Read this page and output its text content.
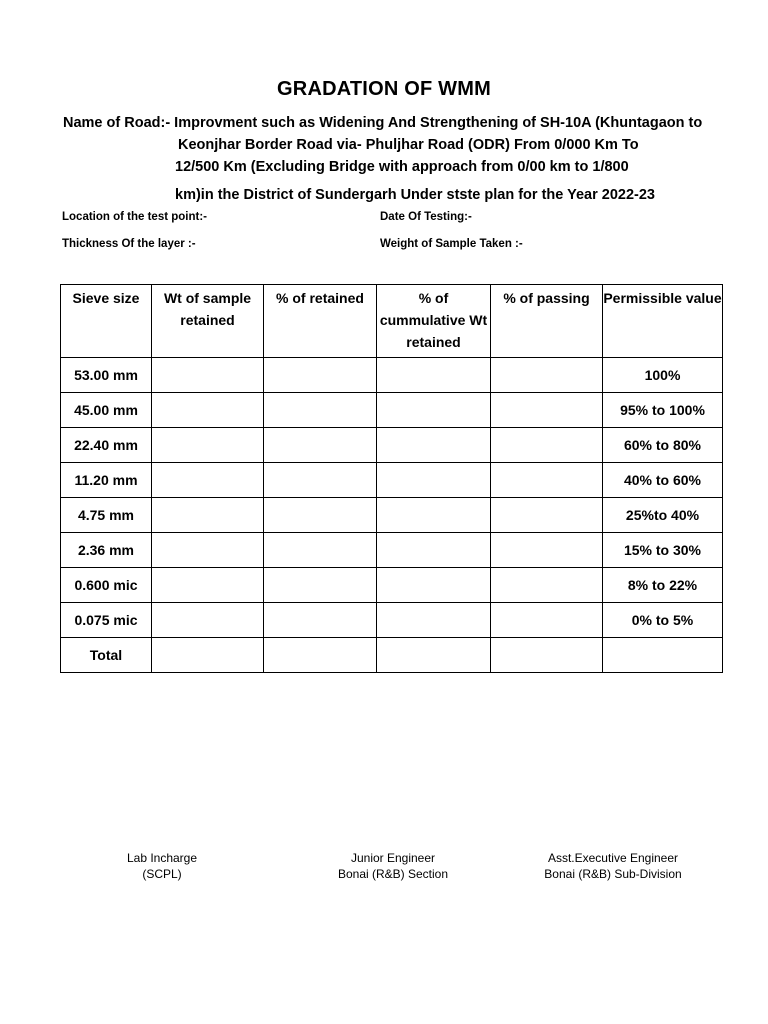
GRADATION OF WMM
Name of Road:- Improvment such as Widening And Strengthening of SH-10A (Khuntagaon to
Keonjhar Border Road via- Phuljhar Road (ODR) From 0/000 Km To
12/500 Km (Excluding Bridge with approach from 0/00 km to 1/800
km)in the District of Sundergarh Under stste plan for the Year 2022-23
Location of the test point:-	Date Of Testing:-
Thickness Of the layer :-	Weight of Sample Taken :-
Sieve size	Wt of sample retained	% of retained	% of cummulative Wt retained	% of passing	Permissible value
53.00 mm					100%
45.00 mm					95% to 100%
22.40 mm					60% to 80%
11.20 mm					40% to 60%
4.75 mm					25%to 40%
2.36 mm					15% to 30%
0.600 mic					8% to 22%
0.075 mic					0% to 5%
Total					
Lab Incharge
(SCPL)
Junior Engineer
Bonai (R&B) Section
Asst.Executive Engineer
Bonai (R&B) Sub-Division
